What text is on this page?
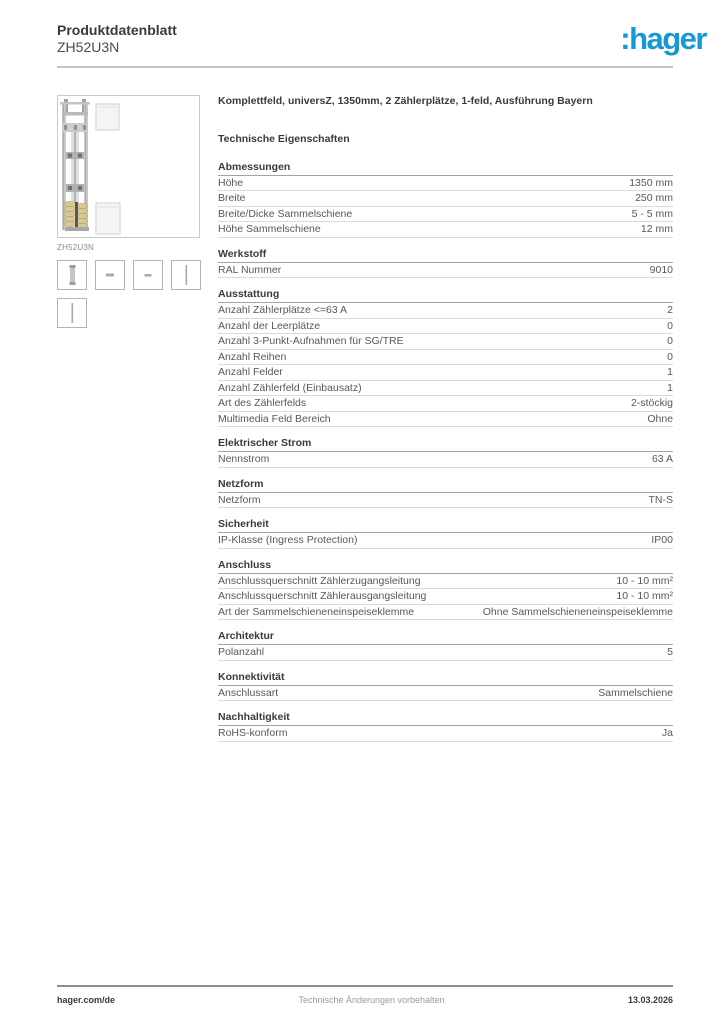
Produktdatenblatt
ZH52U3N	:hager
ZH52U3N
Komplettfeld, universZ, 1350mm, 2 Zählerplätze, 1-feld, Ausführung Bayern
Technische Eigenschaften
Abmessungen
Höhe	1350 mm
Breite	250 mm
Breite/Dicke Sammelschiene	5 - 5 mm
Höhe Sammelschiene	12 mm
Werkstoff
RAL Nummer	9010
Ausstattung
Anzahl Zählerplätze <=63 A	2
Anzahl der Leerplätze	0
Anzahl 3-Punkt-Aufnahmen für SG/TRE	0
Anzahl Reihen	0
Anzahl Felder	1
Anzahl Zählerfeld (Einbausatz)	1
Art des Zählerfelds	2-stöckig
Multimedia Feld Bereich	Ohne
Elektrischer Strom
Nennstrom	63 A
Netzform
Netzform	TN-S
Sicherheit
IP-Klasse (Ingress Protection)	IP00
Anschluss
Anschlussquerschnitt Zählerzugangsleitung	10 - 10 mm²
Anschlussquerschnitt Zählerausgangsleitung	10 - 10 mm²
Art der Sammelschieneneinspeiseklemme	Ohne Sammelschieneneinspeiseklemme
Architektur
Polanzahl	5
Konnektivität
Anschlussart	Sammelschiene
Nachhaltigkeit
RoHS-konform	Ja
hager.com/de	Technische Änderungen vorbehalten	13.03.2026
